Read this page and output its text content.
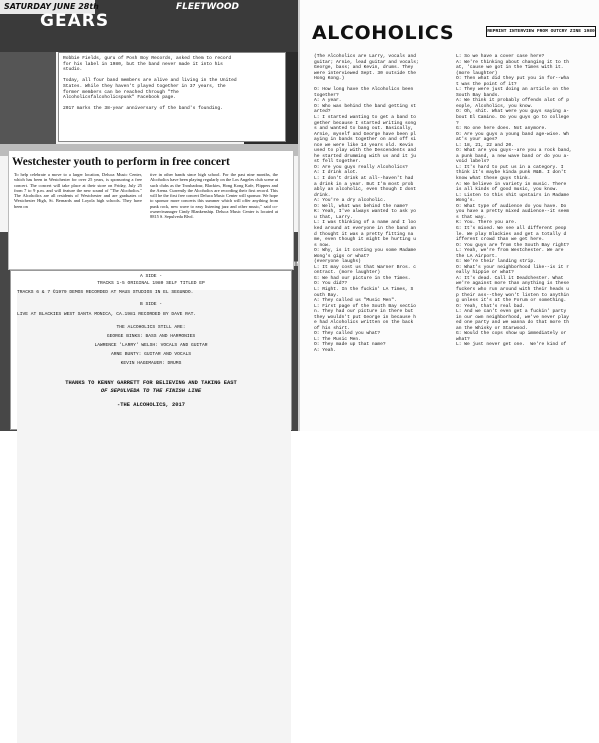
SATURDAY JUNE 28th
GEARS
FLEETWOOD

Robbie Fields, guru of Posh Boy Records, asked them to record

for his label in 1980, but the band never made it into his

studio.

Today, all four band members are alive and living in the United

States. While they haven't played together in 37 years, the

former members can be reached through "The

Alcoholicsfalcoholicspunk" Facebook page.

2017 marks the 38-year anniversary of the band's founding.

Westchester youth to perform in free concert
To help celebrate a move to a larger location, Deluca Music Center, which has been in Westchester for over 25 years, is sponsoring a free concert. The concert will take place at their store on Friday, July 25 from 7 to 9 p.m. and will feature the new sound of "The Alcoholics." The Alcoholics are all residents of Westchester and are graduates of Westchester High, St. Bernards and Loyola high schools. They have been on
tive in other bands since high school. For the past nine months, the Alcoholics have been playing regularly on the Los Angeles club scene at such clubs as the Troubadour, Blackies, Hong Kong Kafe, Flippers and the Arena. Currently the Alcoholics are recording their first record. This will be the first free concert Deluca Music Center will sponsor. We hope to sponsor more concerts this summer which will offer anything from punk rock, new wave to easy listening jazz and other music," said co-owner/manager Cindy Blankenship. Deluca Music Center is located at 8815 S. Sepulveda Blvd.
A SIDE -
TRACKS 1-5 ORIGINAL 1980 SELF TITLED EP
TRACKS 6 & 7 ©1979 DEMOS RECORDED AT MAUS STUDIOS IN EL SEGUNDO.
B SIDE -
LIVE AT BLACKIES WEST SANTA MONICA, CA.1981 RECORDED BY DAVE RAT.
THE ALCOHOLICS STILL ARE:
GEORGE BINKS: BASS AND HARMONIES
LAWRENCE 'LARRY' WELSH: VOCALS AND GUITAR
ARNE BUNTY: GUITAR AND VOCALS
KEVIN HAGEMAUER: DRUMS
THANKS TO KENNY GARRETT FOR BELIEVING AND TAKING EAST
OF SEPULVEDA TO THE FINISH LINE
-THE ALCOHOLICS, 2017
ALCOHOLICS	REPRINT INTERVIEW FROM OUTCRY ZINE 1980
(The Alcoholics are Larry, vocals and
guitar; Arnie, lead guitar and vocals;
George, bass; and Kevin, drums. They
were interviewed Sept. 30 outside the
Hong Kong.)
O: How long have the Alcoholics been
together?
A: A year.
O: Who was behind the band getting st
arted?
L: I started wanting to get a band to
gether because I started writing song
s and wanted to bang out. Basically,
Arnie, myself and George have been pl
aying in bands together on and off si
nce we were like 14 years old. Kevin
used to play with the Descendents and
he started drumming with us and it ju
st fell together.
O: Are you guys really Alcoholics?
A: I drink alot.
L: I don't drink at all--haven't had
a drink in a year. But I'm most prob
ably an alcoholic, even though I dont
drink.
A: You're a dry alcoholic.
O: Well, what was behind the name?
K: Yeah, I've always wanted to ask yo
u that, Larry.
L: I was thinking of a name and I loo
ked around at everyone in the band an
d thought it was a pretty fitting na
me, even though it might be hurting u
s now.
O: Why, is it costing you some Madame
Wong's gigs or what?
(everyone laughs)
L: It may cost us that Warner Bros. c
ontract. (more laughter)
G: We had our picture in the Times.
O: You did??
L: Right. In the fuckin' LA Times, S
outh Bay.
A: They called us "Music Men".
L: First page of the South Bay sectio
n. They had our picture in there but
they wouldn't put George in because h
e had Alcoholics written on the back
of his shirt.
O: They called you what?
L: The Music Men.
O: They made up that name?
A: Yeah.
L: So we have a cover case here?
A: We're thinking about changing it to th
at, 'cause we got in the Times with it.
(more laughter)
O: Then what did they put you in for--wha
t was the point of it?
L: They were just doing an article on the
South Bay bands.
A: We think it probably offends alot of p
eople, Alcoholics, you know.
O: Oh, shit. What were you guys saying a-
bout El Camino. Do you guys go to college
?
G: No one here does. Not anymore.
O: Are you guys a young band age-wise. Wh
at's your ages?
L: 18, 21, 22 and 20.
O: What are you guys--are you a rock band,
a punk band, a new wave band or do you a-
void labels?
L: It's hard to put us in a category. I
think it's maybe kinda punk R&B. I don't
know what these guys think.
A: We believe in variety in music. There
is all kinds of good music, you know.
L: Listen to this shit upstairs in Madame
Wong's.
O: What type of audience do you have. Do
you have a pretty mixed audience--it seem
s that way.
K: You. There you are.
G: It's mixed. We see all different peop
le. We play Blackies and get a totally d
ifferent crowd than we get here.
O: You guys are from the South Bay right?
L: Yeah, we're from Westchester. We are
the LA Airport.
G: We're their landing strip.
O: What's your neighborhood like--is it r
eally hippie or what?
A: It's dead. Call it Deadchester. What
we're against more than anything is these
fuckers who run around with their heads u
p their ass--they won't listen to anythin
g unless it's at the Forum or something.
O: Yeah, that's real bad.
L: And we can't even get a fuckin' party
in our own neighborhood, we've never play
ed one party and we wanna do that more th
an the Whisky or Starwood.
G: Would the cops show up immediately or
what?
L: We just never get one.  We're kind of
